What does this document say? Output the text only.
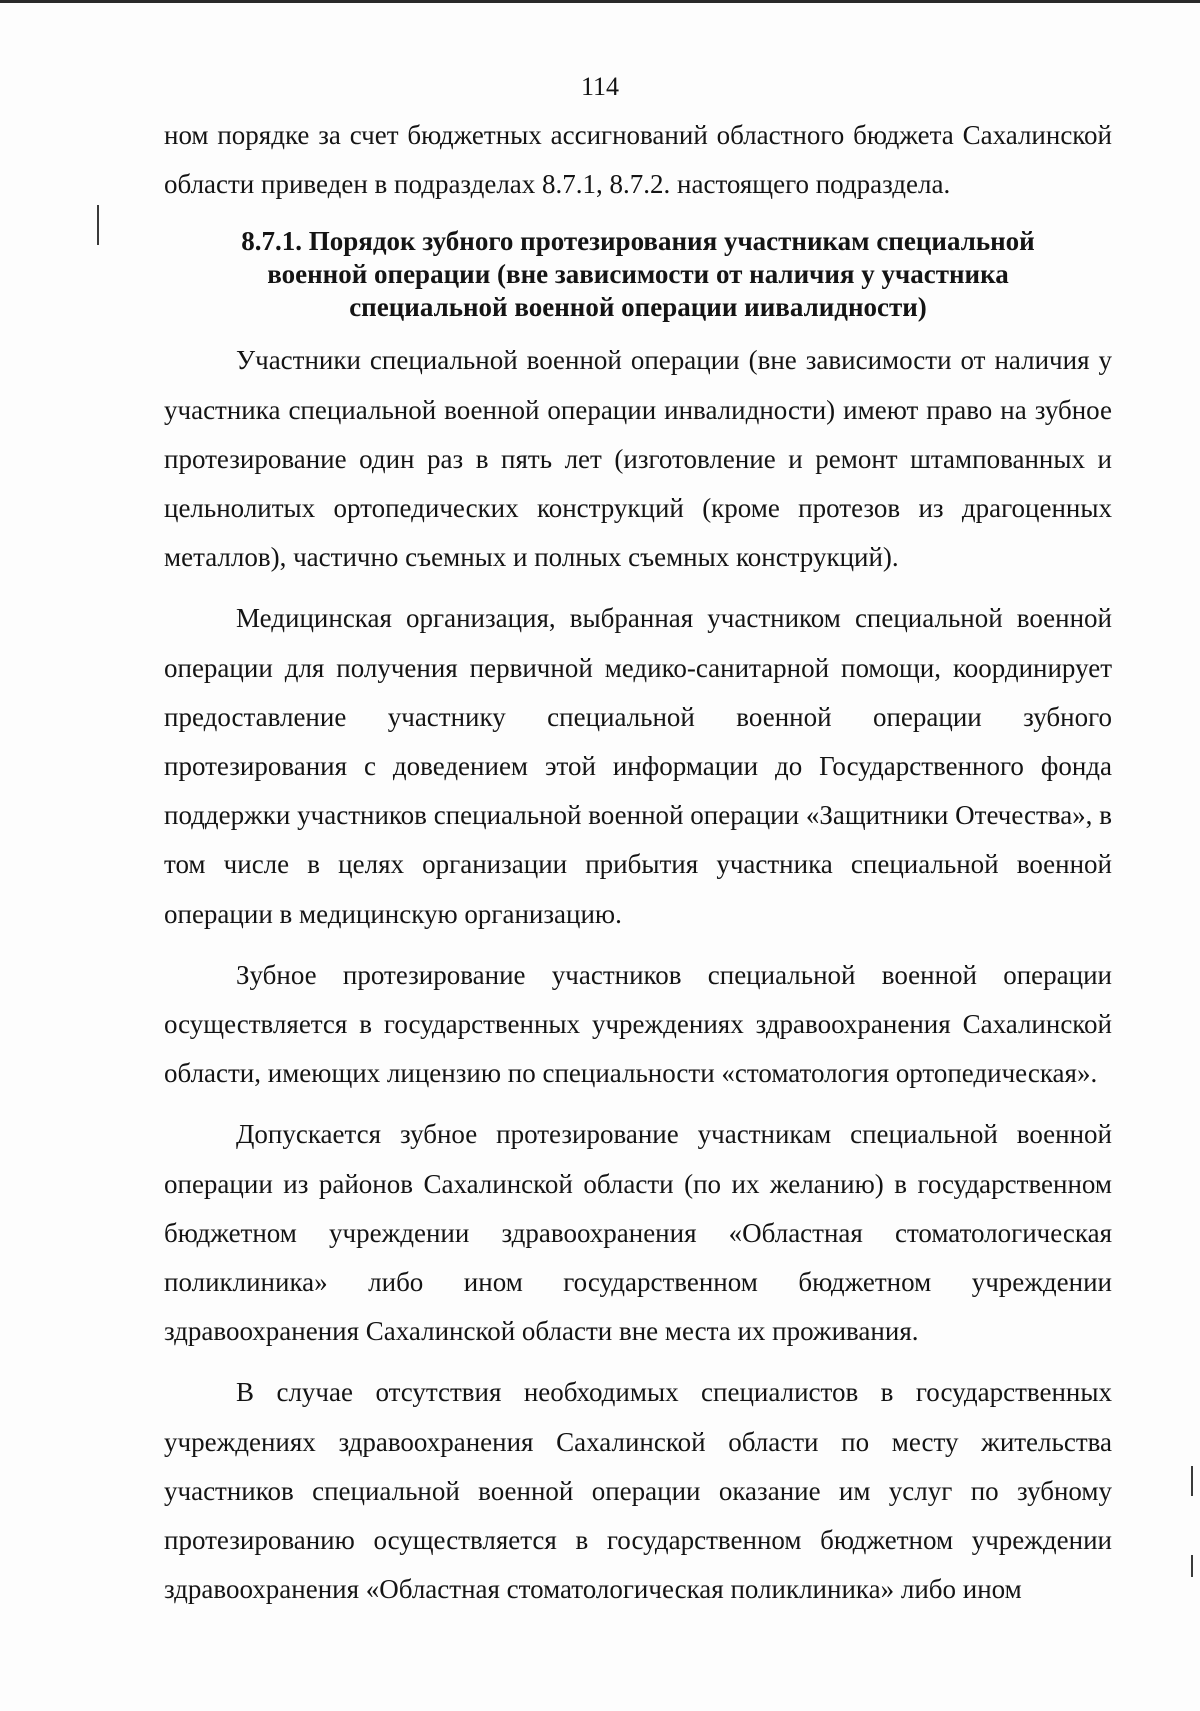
114

ном порядке за счет бюджетных ассигнований областного бюджета Сахалинской области приведен в подразделах 8.7.1, 8.7.2. настоящего подраздела.

8.7.1. Порядок зубного протезирования участникам специальной военной операции (вне зависимости от наличия у участника специальной военной операции иивалидности)

Участники специальной военной операции (вне зависимости от наличия у участника специальной военной операции инвалидности) имеют право на зубное протезирование один раз в пять лет (изготовление и ремонт штампованных и цельнолитых ортопедических конструкций (кроме протезов из драгоценных металлов), частично съемных и полных съемных конструкций).

Медицинская организация, выбранная участником специальной военной операции для получения первичной медико-санитарной помощи, координирует предоставление участнику специальной военной операции зубного протезирования с доведением этой информации до Государственного фонда поддержки участников специальной военной операции «Защитники Отечества», в том числе в целях организации прибытия участника специальной военной операции в медицинскую организацию.

Зубное протезирование участников специальной военной операции осуществляется в государственных учреждениях здравоохранения Сахалинской области, имеющих лицензию по специальности «стоматология ортопедическая».

Допускается зубное протезирование участникам специальной военной операции из районов Сахалинской области (по их желанию) в государственном бюджетном учреждении здравоохранения «Областная стоматологическая поликлиника» либо ином государственном бюджетном учреждении здравоохранения Сахалинской области вне места их проживания.

В случае отсутствия необходимых специалистов в государственных учреждениях здравоохранения Сахалинской области по месту жительства участников специальной военной операции оказание им услуг по зубному протезированию осуществляется в государственном бюджетном учреждении здравоохранения «Областная стоматологическая поликлиника» либо ином
